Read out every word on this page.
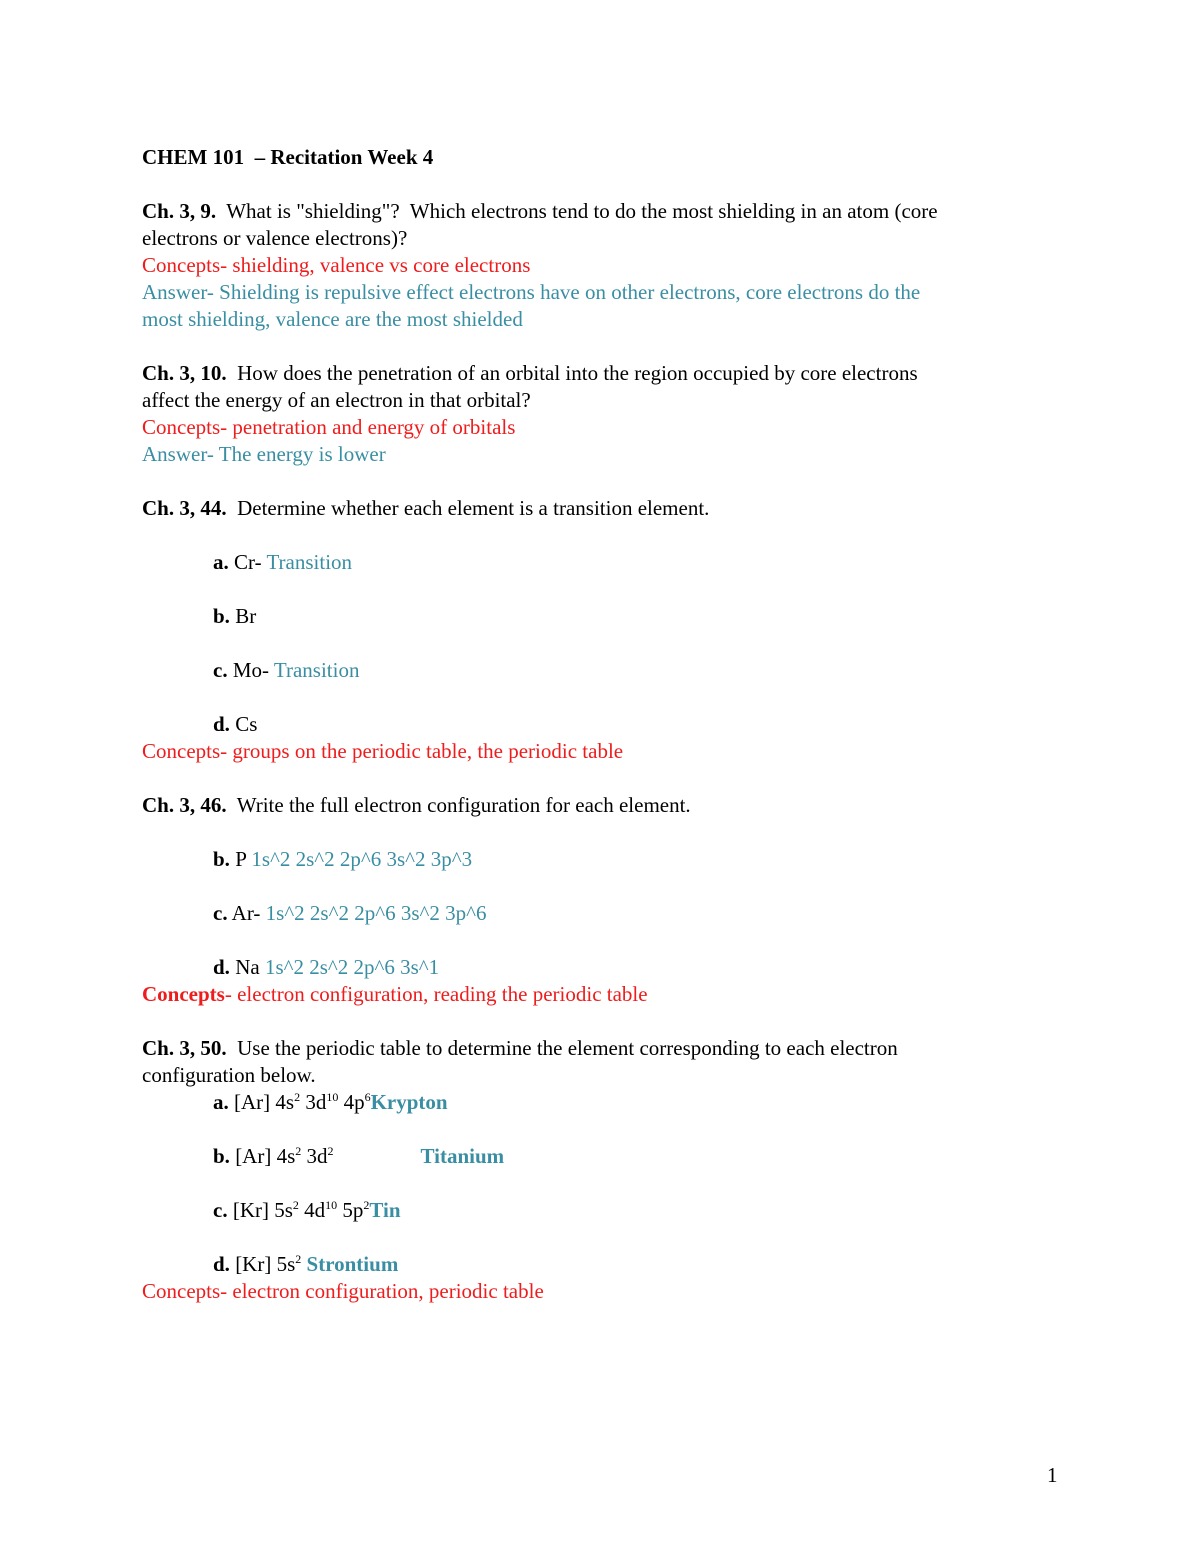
CHEM 101  – Recitation Week 4

Ch. 3, 9.  What is "shielding"?  Which electrons tend to do the most shielding in an atom (core
electrons or valence electrons)?
Concepts- shielding, valence vs core electrons
Answer- Shielding is repulsive effect electrons have on other electrons, core electrons do the
most shielding, valence are the most shielded
Ch. 3, 10.  How does the penetration of an orbital into the region occupied by core electrons
affect the energy of an electron in that orbital?
Concepts- penetration and energy of orbitals
Answer- The energy is lower
Ch. 3, 44.  Determine whether each element is a transition element.
a. Cr- Transition
b. Br
c. Mo- Transition
d. Cs
Concepts- groups on the periodic table, the periodic table
Ch. 3, 46.  Write the full electron configuration for each element.
b. P 1s^2 2s^2 2p^6 3s^2 3p^3
c. Ar- 1s^2 2s^2 2p^6 3s^2 3p^6
d. Na 1s^2 2s^2 2p^6 3s^1
Concepts- electron configuration, reading the periodic table
Ch. 3, 50.  Use the periodic table to determine the element corresponding to each electron
configuration below.
a. [Ar] $4s^2$ $3d^{10}$ $4p^6Krypton$
b. [Ar] $4s^2$ $3d^2$	Titanium
c. [Kr] $5s^2$ $4d^{10}$ $5p^2Tin$
d. [Kr] $5s^2$ Strontium
Concepts- electron configuration, periodic table
1
